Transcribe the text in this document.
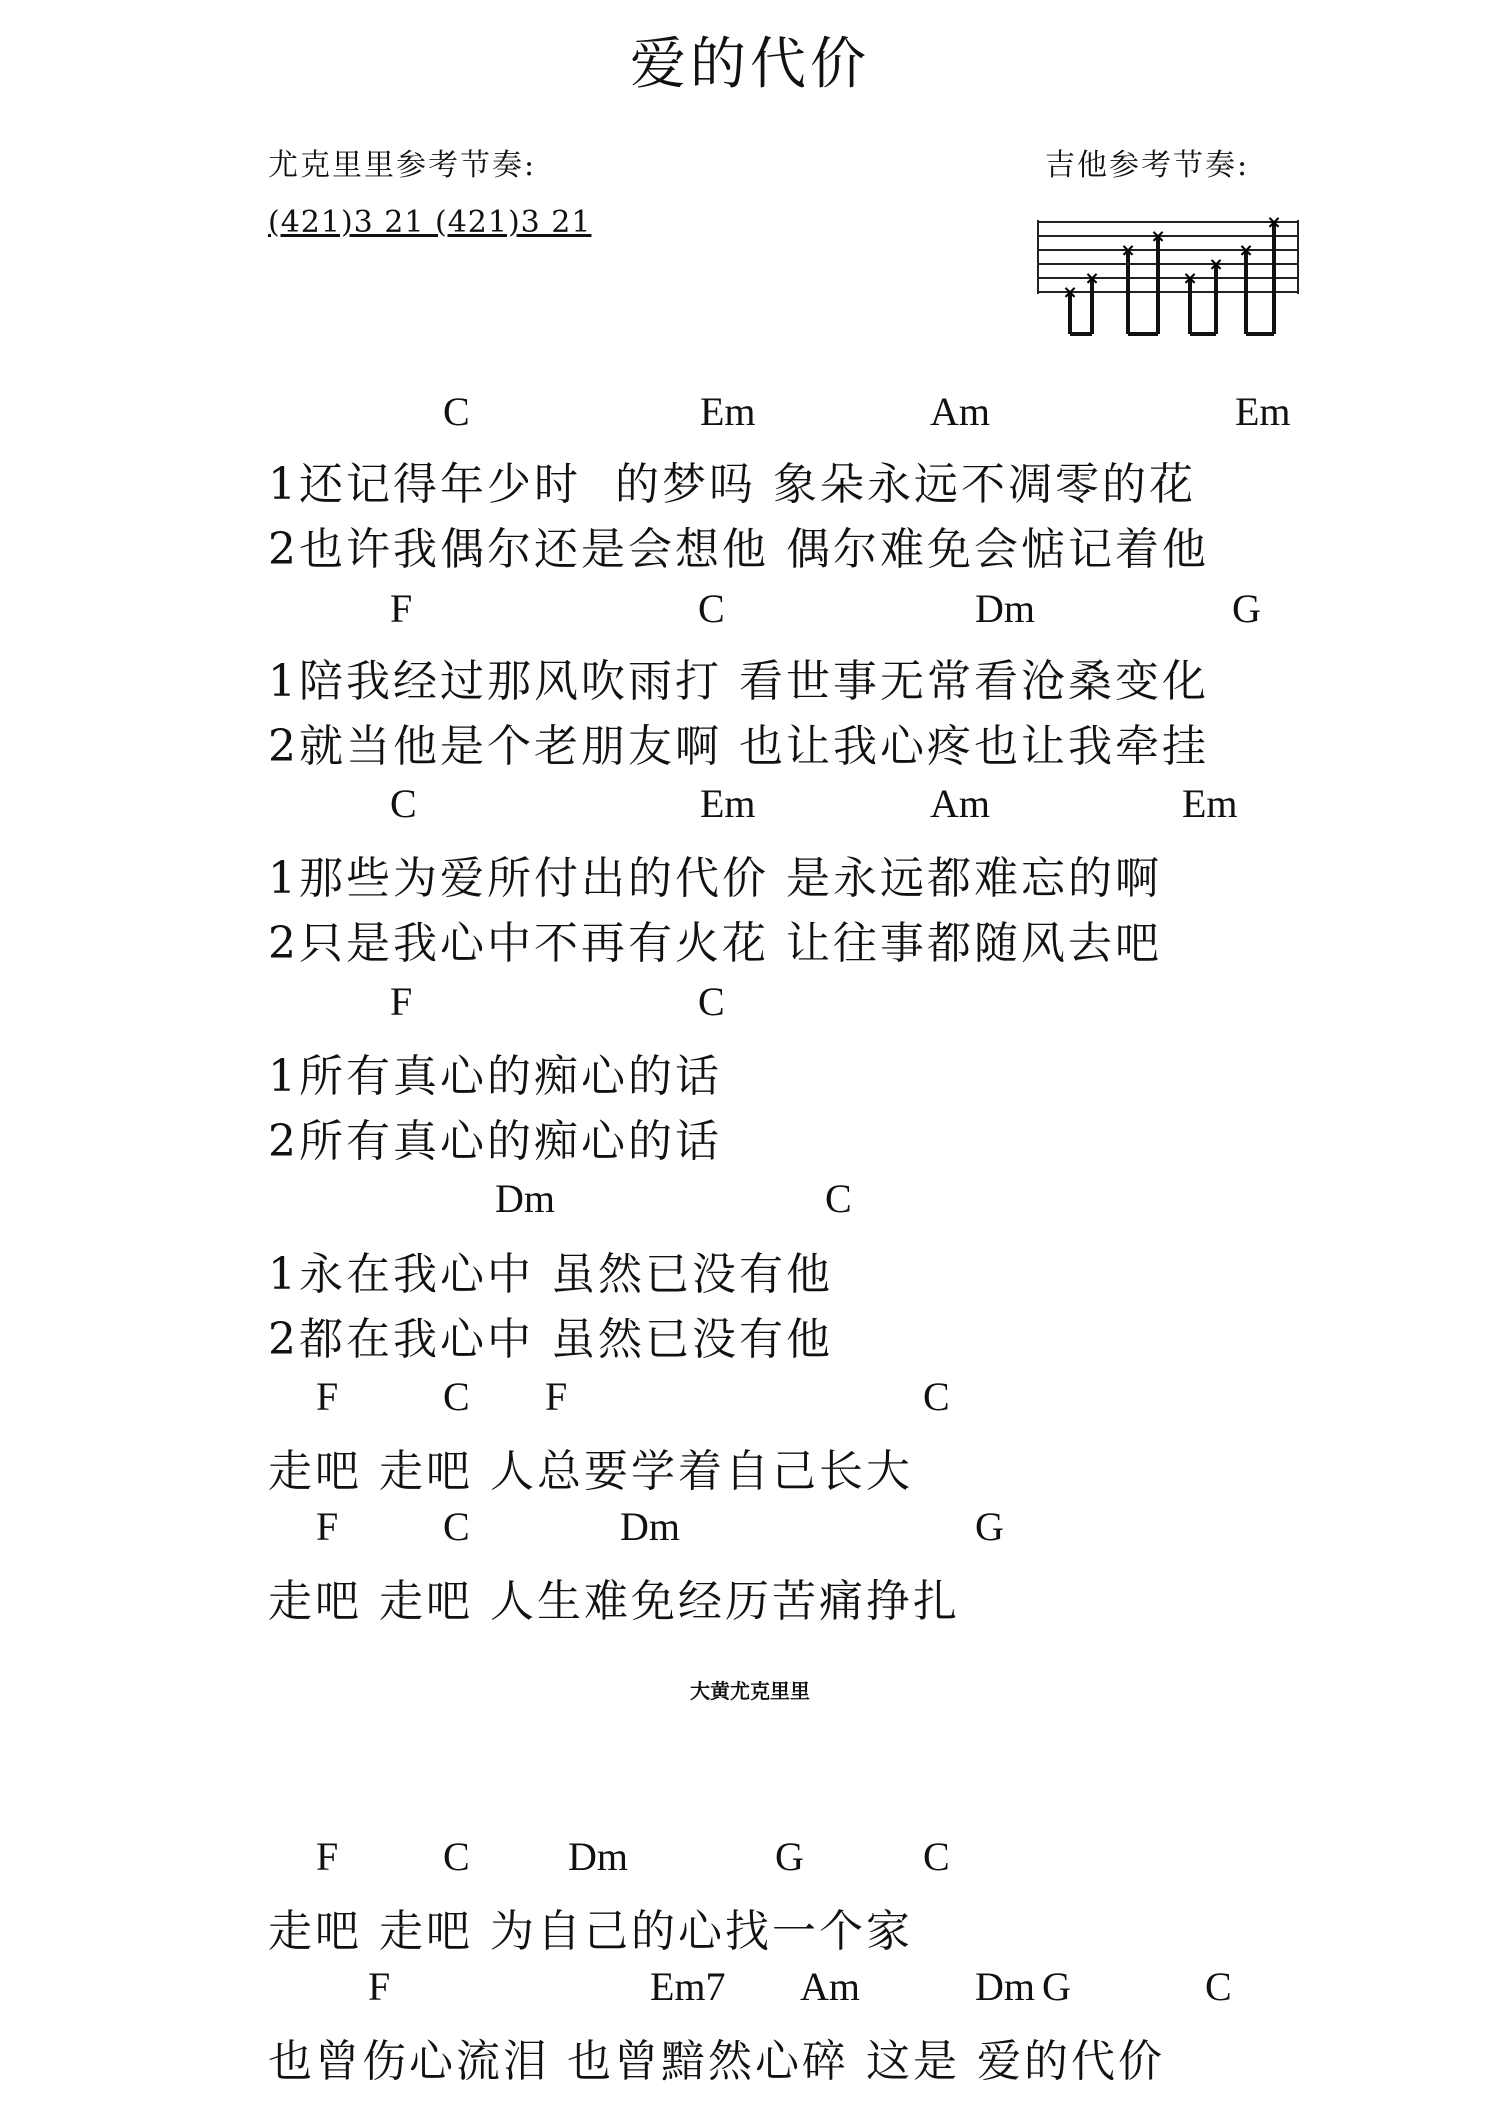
爱的代价
尤克里里参考节奏:	吉他参考节奏:
(421)3 21 (421)3 21
×
×
×
×
×
×
×
×
C	Em	Am	Em
1还记得年少时  的梦吗 象朵永远不凋零的花
2也许我偶尔还是会想他 偶尔难免会惦记着他
F	C	Dm	G
1陪我经过那风吹雨打 看世事无常看沧桑变化
2就当他是个老朋友啊 也让我心疼也让我牵挂
C	Em	Am	Em
1那些为爱所付出的代价 是永远都难忘的啊
2只是我心中不再有火花 让往事都随风去吧
F	C
1所有真心的痴心的话
2所有真心的痴心的话
Dm	C
1永在我心中 虽然已没有他
2都在我心中 虽然已没有他
F	C F	C
走吧 走吧 人总要学着自己长大
F	C	Dm	G
走吧 走吧 人生难免经历苦痛挣扎
大黄尤克里里
F	C Dm	G	C
走吧 走吧 为自己的心找一个家
F	Em7 Am	Dm G	C
也曾伤心流泪 也曾黯然心碎 这是 爱的代价
